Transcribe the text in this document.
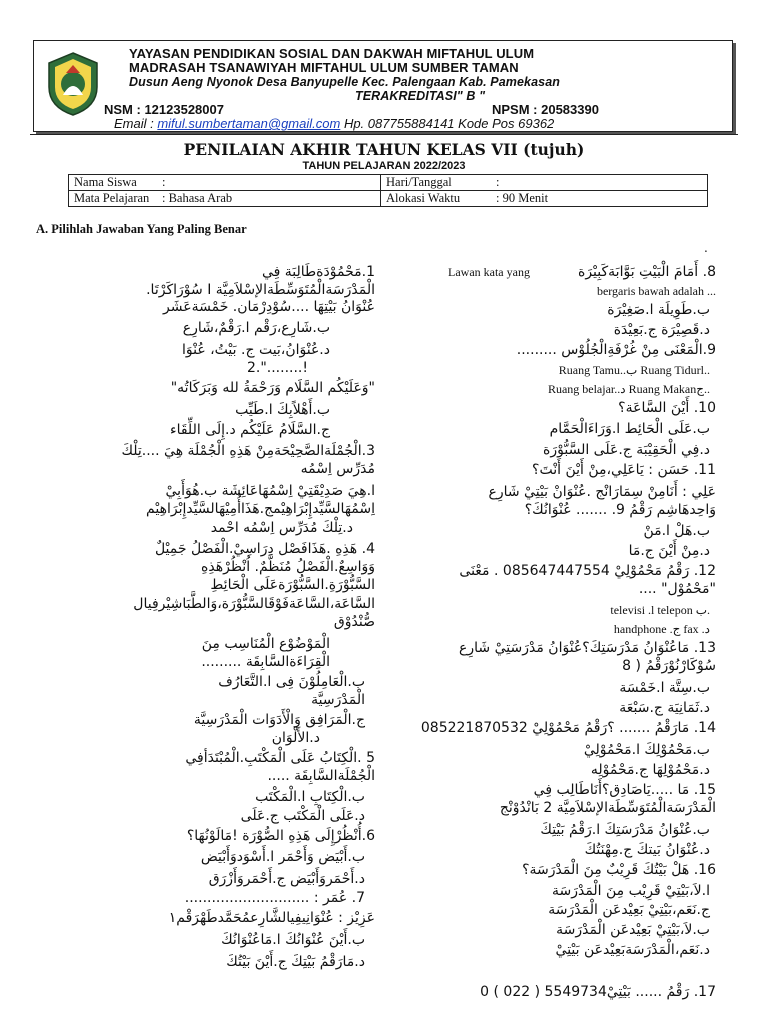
YAYASAN PENDIDIKAN SOSIAL DAN DAKWAH MIFTAHUL ULUM
MADRASAH TSANAWIYAH MIFTAHUL ULUM SUMBER TAMAN
Dusun Aeng Nyonok Desa Banyupelle Kec. Palengaan Kab. Pamekasan
TERAKREDITASI" B "
NSM : 12123528007	NPSM : 20583390
Email : miful.sumbertaman@gmail.com Hp. 087755884141 Kode Pos 69362
PENILAIAN AKHIR TAHUN KELAS VII (tujuh)
TAHUN PELAJARAN 2022/2023
Nama Siswa :	Hari/Tanggal :
Mata Pelajaran : Bahasa Arab	Alokasi Waktu : 90 Menit
A. Pilihlah Jawaban Yang Paling Benar
.
1.مَحْمُوْدَةطَالِبَة فِي
الْمَدْرَسَةالْمُتَوَسِّطَةالإسْلاَمِيَّة I سُوْرَاكَرْتَا.
عُنْوَانُ بَيْتِهَا ....سُوْدِرْمَان. خَمْسَةعَشَر
ب.شَارِع،رَقْم ا.رَقْمٌ،شَارِع
د.عُنْوَانُ،بَيت ج. بَيْتُ، عُنْوَا
2."........!
"وَعَلَيْكُم السَّلَام وَرَحْمَةُ لله وَبَرَكَاتُه"
ب.أَهْلاًبِكَ ا.طَيِّب
ج.السَّلَامُ عَلَيْكُم د.إِلَى اللِّقَاء
3.الْجُمْلَةالصَّحِيْحَةمِنْ هَذِهِ الْجُمْلَة هِيَ ....تِلْكَ
مُدَرِّس اِسْمُه
ا.هِيَ صَدِيْقَتِيْ اِسْمُهَاعَائِشَة ب.هُوَأَبِيْ
اِسْمُهَالسَّيِّدإِبْرَاهِيْمج.هَذَاأُمِيْهَالسَّيِّدإِبْرَاهِيْم
د.تِلْكَ مُدَرِّس اِسْمُه احْمد
4. هَذِهِ .هَذَافَصْل دِرَاسِيْ.الْفَصْلُ جَمِيْلٌ
وَوَاسِعٌ.الْفَصْلُ مُنَظَّمٌ. اُنْظُرْهَذِهِ
السَّبُّوْرَةِ.السَّبُّوْرَةعَلَى الْحَائِطِ
السَّاعَة،السَّاعَةفَوْقَالسَّبُّوْرَة،وَالطَّبَاشِيْرفِيال
صُّنْدُوْق
الْمَوْضُوْع الْمُنَاسِب مِنَ
الْقِرَاءَةالسَّابِقَة .........
ب.الْعَامِلُوْنَ فِى ا.التَّعَارُف
الْمَدْرَسِيَّة
ج.الْمَرَافِق وَالْأَدَوَات الْمَدْرَسِيَّة
د.الأَلْوَان
5 .الْكِتَابُ عَلَى الْمَكْتَبِ.الْمُبْتَدَأفِي
الْجُمْلَةالسَّابِقَة .....
ب.الْكِتَابِ ا.الْمَكْتَب
د.عَلَى الْمَكْتَب ج.عَلَى
6.أُنْظُرْإِلَى هَذِهِ الصُّوْرَة !مَالَوْنُهَا؟
ب.أَبْيَض وَأَحْمَر ا.أَسْوَدوَأَبْيَض
د.أَحْمَروَأَبْيَض ج.أَحْمَروَأَزْرَق
7. عُمَر : ............................
عَزِيْز : عُنْوَانِيفِيالشَّارِعمُحَمَّدطَهْرَقْم١
ب.أَيْنَ عُنْوَانُكَ ا.مَاعُنْوَانُكَ
د.مَارَقْمُ بَيْتِكَ ج.أَيْنَ بَيْتُكَ
Lawan kata yang	8. أَمَامَ الْبَيْتِ بَوَّابَةكَبِيْرَة
bergaris bawah adalah ...
ب.طَوِيلَة ا.صَغِيْرَة
د.قَصِيْرَة ج.بَعِيْدَة
9.الْمَعْنَى مِنْ غُرْفَةِالْجُلُوْس .........
Ruang Tamu..ب Ruang Tidurl..
Ruang belajar..د Ruang Makanج..
10. أَيْنَ السَّاعَة؟
ب.عَلَى الْحَائِط ا.وَرَاءَالْحَمَّام
د.فِي الْحَقِيْبَة ج.عَلَى السَّبُّوْرَة
11. حَسَن : يَاعَلِي،مِنْ أَيْنَ أَنْتَ؟
عَلِي : أَنَامِنْ سِمَارَانْج .عُنْوَانْ بَيْتِيْ شَارِع
وَاحِدهَاشِم رَقْمُ 9. ....... عُنْوَانُكَ؟
ب.هَلْ ا.مَنْ
د.مِنْ أَيْنَ ج.مَا
12. رَقْمُ مَحْمُوْلِيْ 085647447554 . مَعْنَى
"مَحْمُوْل" ....
televisi .l telepon ب.
handphone .ج fax .د
13. مَاعُنْوَانُ مَدْرَسَتِكَ؟عُنْوَانُ مَدْرَسَتِيْ شَارِع
سُوْكَارْنُوْرَقْمُ ( 8
ب.سِتَّة ا.خَمْسَة
د.ثَمَانِيَة ج.سَبْعَة
14. مَارَقْمُ ....... ؟رَقْمُ مَحْمُوْلِيْ 085221870532
ب.مَحْمُوْلِكَ ا.مَحْمُوْلِيْ
د.مَحْمُوْلِهَا ج.مَحْمُوْلِه
15. مَا .....يَاصَادِق؟أَنَاطَالِب فِي
الْمَدْرَسَةالْمُتَوَسِّطَةالإسْلاَمِيَّة 2 بَانْدُوْنْج
ب.عُنْوَانُ مَدْرَسَتِكَ ا.رَقْمُ بَيْتِكَ
د.عُنْوَانُ بَيتكَ ج.مِهْنَتُكَ
16. هَلْ بَيْتُكَ قَرِيْبٌ مِنَ الْمَدْرَسَة؟
ا.لاَ،بَيْتِيْ قَرِيْب مِنَ الْمَدْرَسَة
ج.نَعَم،بَيْتِيْ بَعِيْدعَن الْمَدْرَسَة
ب.لاَ،بَيْتِيْ بَعِيْدعَن الْمَدْرَسَة
د.نَعَم،الْمَدْرَسَةبَعِيْدعَن بَيْتِيْ
17. رَقْمُ ...... بَيْتِيْ5549734 ( 022 ) 0
